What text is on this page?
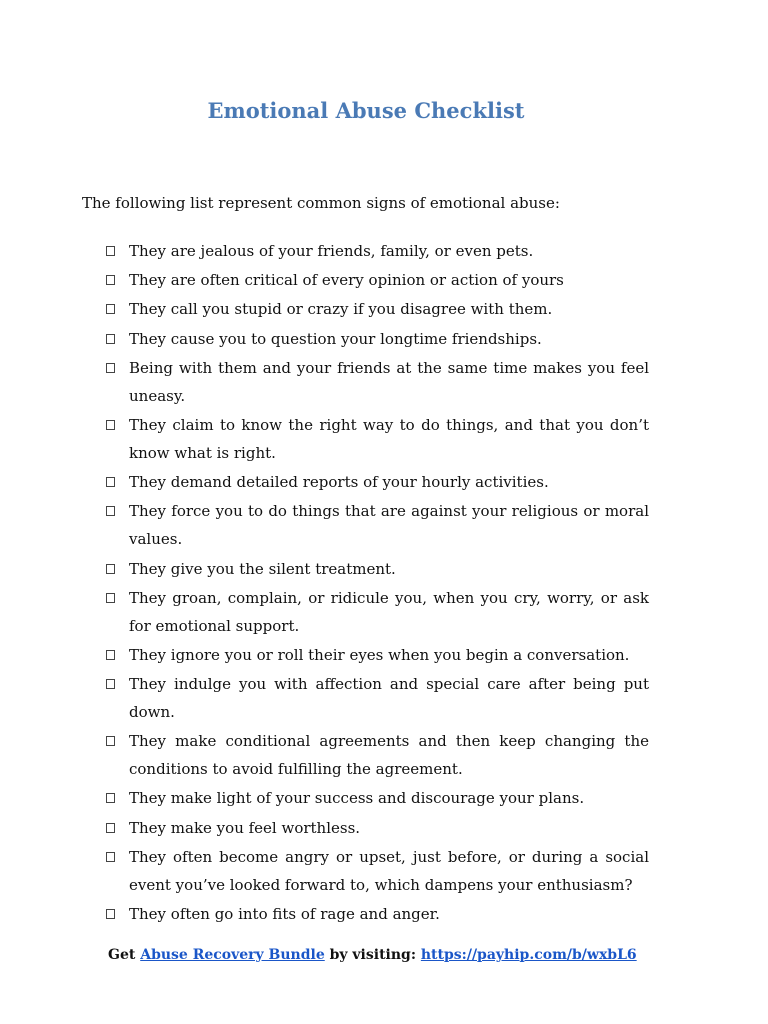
Emotional Abuse Checklist
The following list represent common signs of emotional abuse:
They are jealous of your friends, family, or even pets.
They are often critical of every opinion or action of yours
They call you stupid or crazy if you disagree with them.
They cause you to question your longtime friendships.
Being with them and your friends at the same time makes you feel uneasy.
They claim to know the right way to do things, and that you don’t know what is right.
They demand detailed reports of your hourly activities.
They force you to do things that are against your religious or moral values.
They give you the silent treatment.
They groan, complain, or ridicule you, when you cry, worry, or ask for emotional support.
They ignore you or roll their eyes when you begin a conversation.
They indulge you with affection and special care after being put down.
They make conditional agreements and then keep changing the conditions to avoid fulfilling the agreement.
They make light of your success and discourage your plans.
They make you feel worthless.
They often become angry or upset, just before, or during a social event you’ve looked forward to, which dampens your enthusiasm?
They often go into fits of rage and anger.
Get Abuse Recovery Bundle by visiting: https://payhip.com/b/wxbL6
